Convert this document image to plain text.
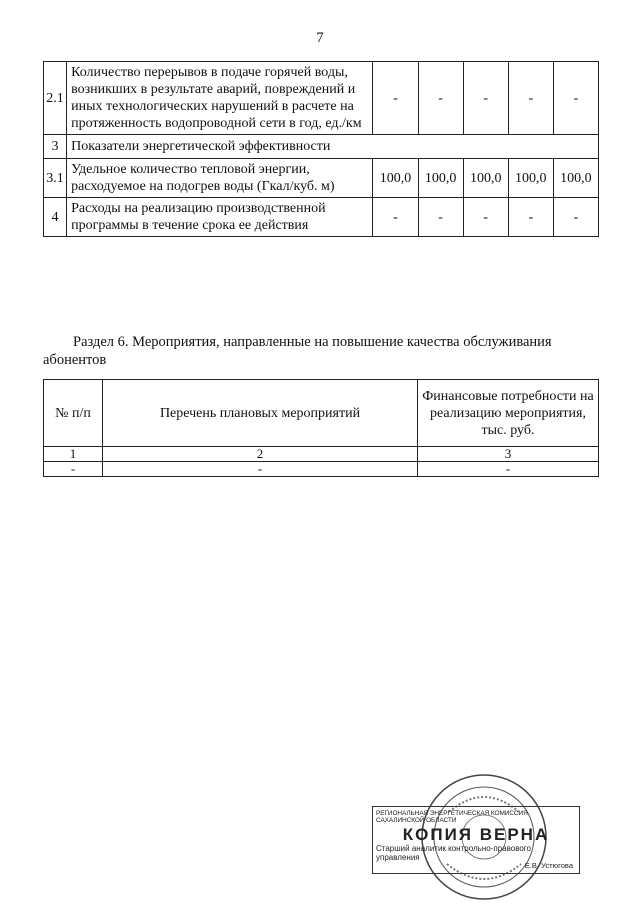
7
2.1	Количество перерывов в подаче горячей воды, возникших в результате аварий, повреждений и иных технологических нарушений в расчете на протяженность водопроводной сети в год, ед./км	-	-	-	-	-
3	Показатели энергетической эффективности					
3.1	Удельное количество тепловой энергии, расходуемое на подогрев воды (Гкал/куб. м)	100,0	100,0	100,0	100,0	100,0
4	Расходы на реализацию производственной программы в течение срока ее действия	-	-	-	-	-
Раздел 6. Мероприятия, направленные на повышение качества обслуживания абонентов
№ п/п	Перечень плановых мероприятий	Финансовые потребности на реализацию мероприятия, тыс. руб.
1	2	3
-	-	-
РЕГИОНАЛЬНАЯ ЭНЕРГЕТИЧЕСКАЯ КОМИССИЯ САХАЛИНСКОЙ ОБЛАСТИ
КОПИЯ ВЕРНА
Старший аналитик контрольно-правового управления
Е.В. Устюгова
